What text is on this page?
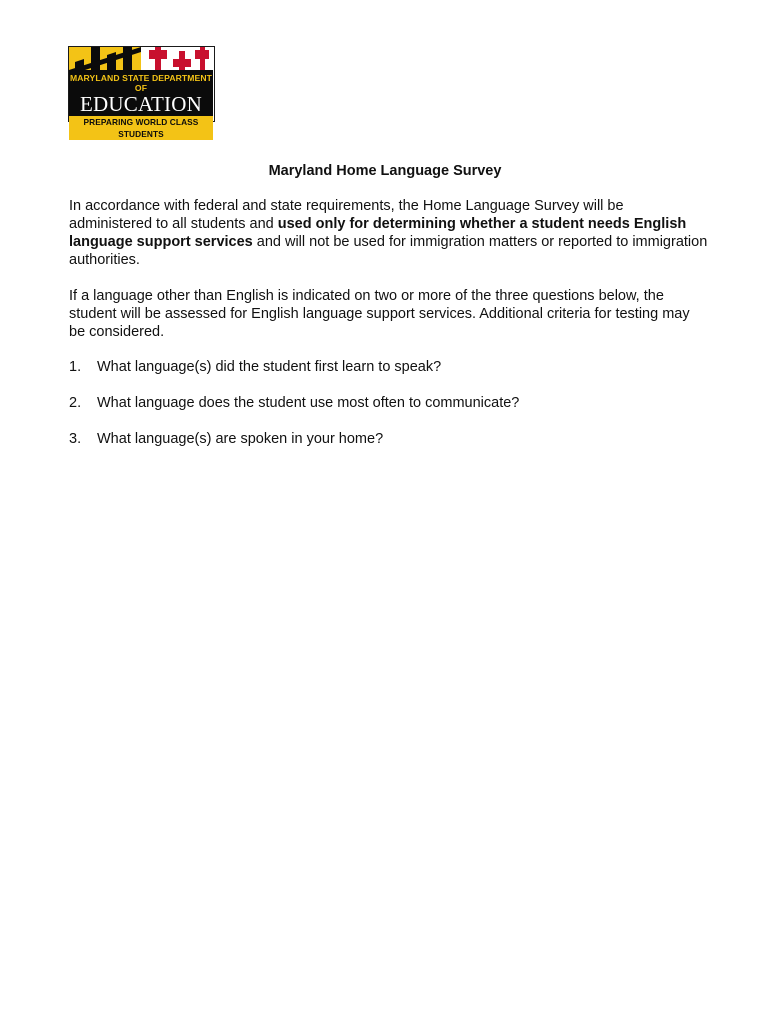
MARYLAND STATE DEPARTMENT OF
EDUCATION
PREPARING WORLD CLASS STUDENTS
Maryland Home Language Survey

In accordance with federal and state requirements, the Home Language Survey will be administered to all students and used only for determining whether a student needs English language support services and will not be used for immigration matters or reported to immigration authorities.

If a language other than English is indicated on two or more of the three questions below, the student will be assessed for English language support services. Additional criteria for testing may be considered.

1. What language(s) did the student first learn to speak?

2. What language does the student use most often to communicate?

3. What language(s) are spoken in your home?
